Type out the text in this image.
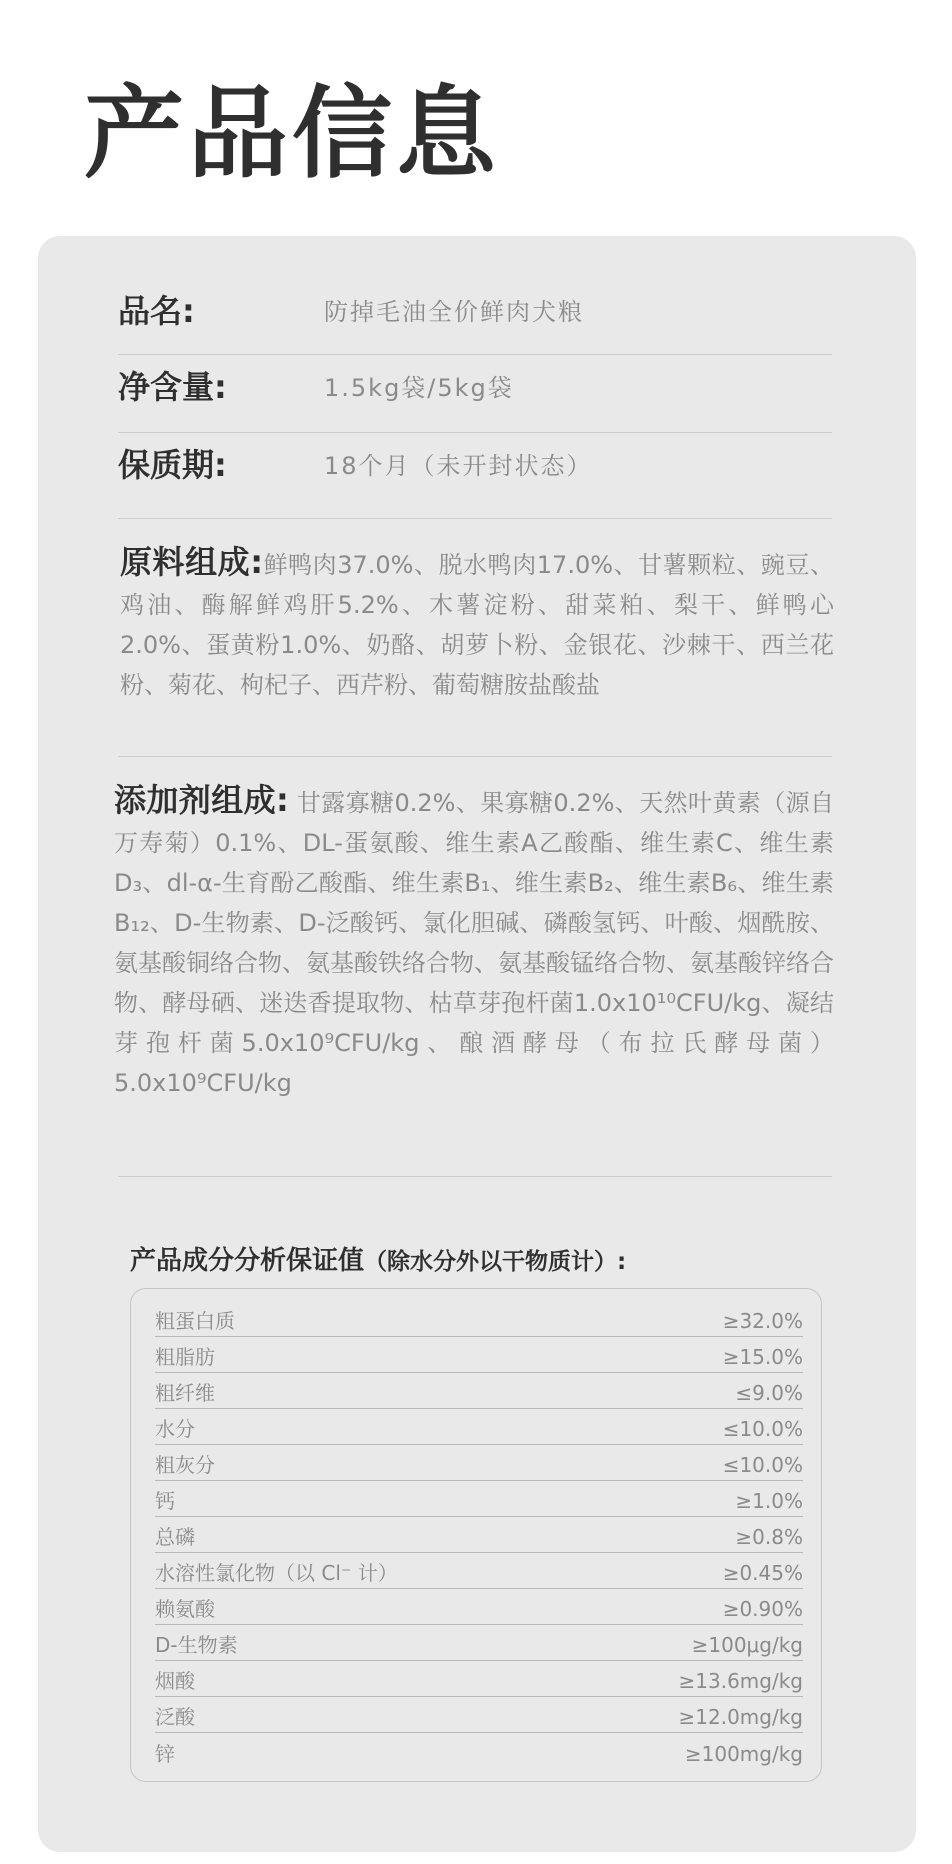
产品信息
品名:	防掉毛油全价鲜肉犬粮
净含量:	1.5kg袋/5kg袋
保质期:	18个月（未开封状态）
原料组成:鲜鸭肉37.0%、脱水鸭肉17.0%、甘薯颗粒、豌豆、鸡油、酶解鲜鸡肝5.2%、木薯淀粉、甜菜粕、梨干、鲜鸭心2.0%、蛋黄粉1.0%、奶酪、胡萝卜粉、金银花、沙棘干、西兰花粉、菊花、枸杞子、西芹粉、葡萄糖胺盐酸盐
添加剂组成: 甘露寡糖0.2%、果寡糖0.2%、天然叶黄素（源自万寿菊）0.1%、DL-蛋氨酸、维生素A乙酸酯、维生素C、维生素D₃、dl-α-生育酚乙酸酯、维生素B₁、维生素B₂、维生素B₆、维生素B₁₂、D-生物素、D-泛酸钙、氯化胆碱、磷酸氢钙、叶酸、烟酰胺、氨基酸铜络合物、氨基酸铁络合物、氨基酸锰络合物、氨基酸锌络合物、酵母硒、迷迭香提取物、枯草芽孢杆菌1.0x10¹⁰CFU/kg、凝结芽孢杆菌5.0x10⁹CFU/kg、酿酒酵母（布拉氏酵母菌）5.0x10⁹CFU/kg
产品成分分析保证值（除水分外以干物质计）:
粗蛋白质	≥32.0%
粗脂肪	≥15.0%
粗纤维	≤9.0%
水分	≤10.0%
粗灰分	≤10.0%
钙	≥1.0%
总磷	≥0.8%
水溶性氯化物（以 Cl⁻ 计）	≥0.45%
赖氨酸	≥0.90%
D-生物素	≥100μg/kg
烟酸	≥13.6mg/kg
泛酸	≥12.0mg/kg
锌	≥100mg/kg
